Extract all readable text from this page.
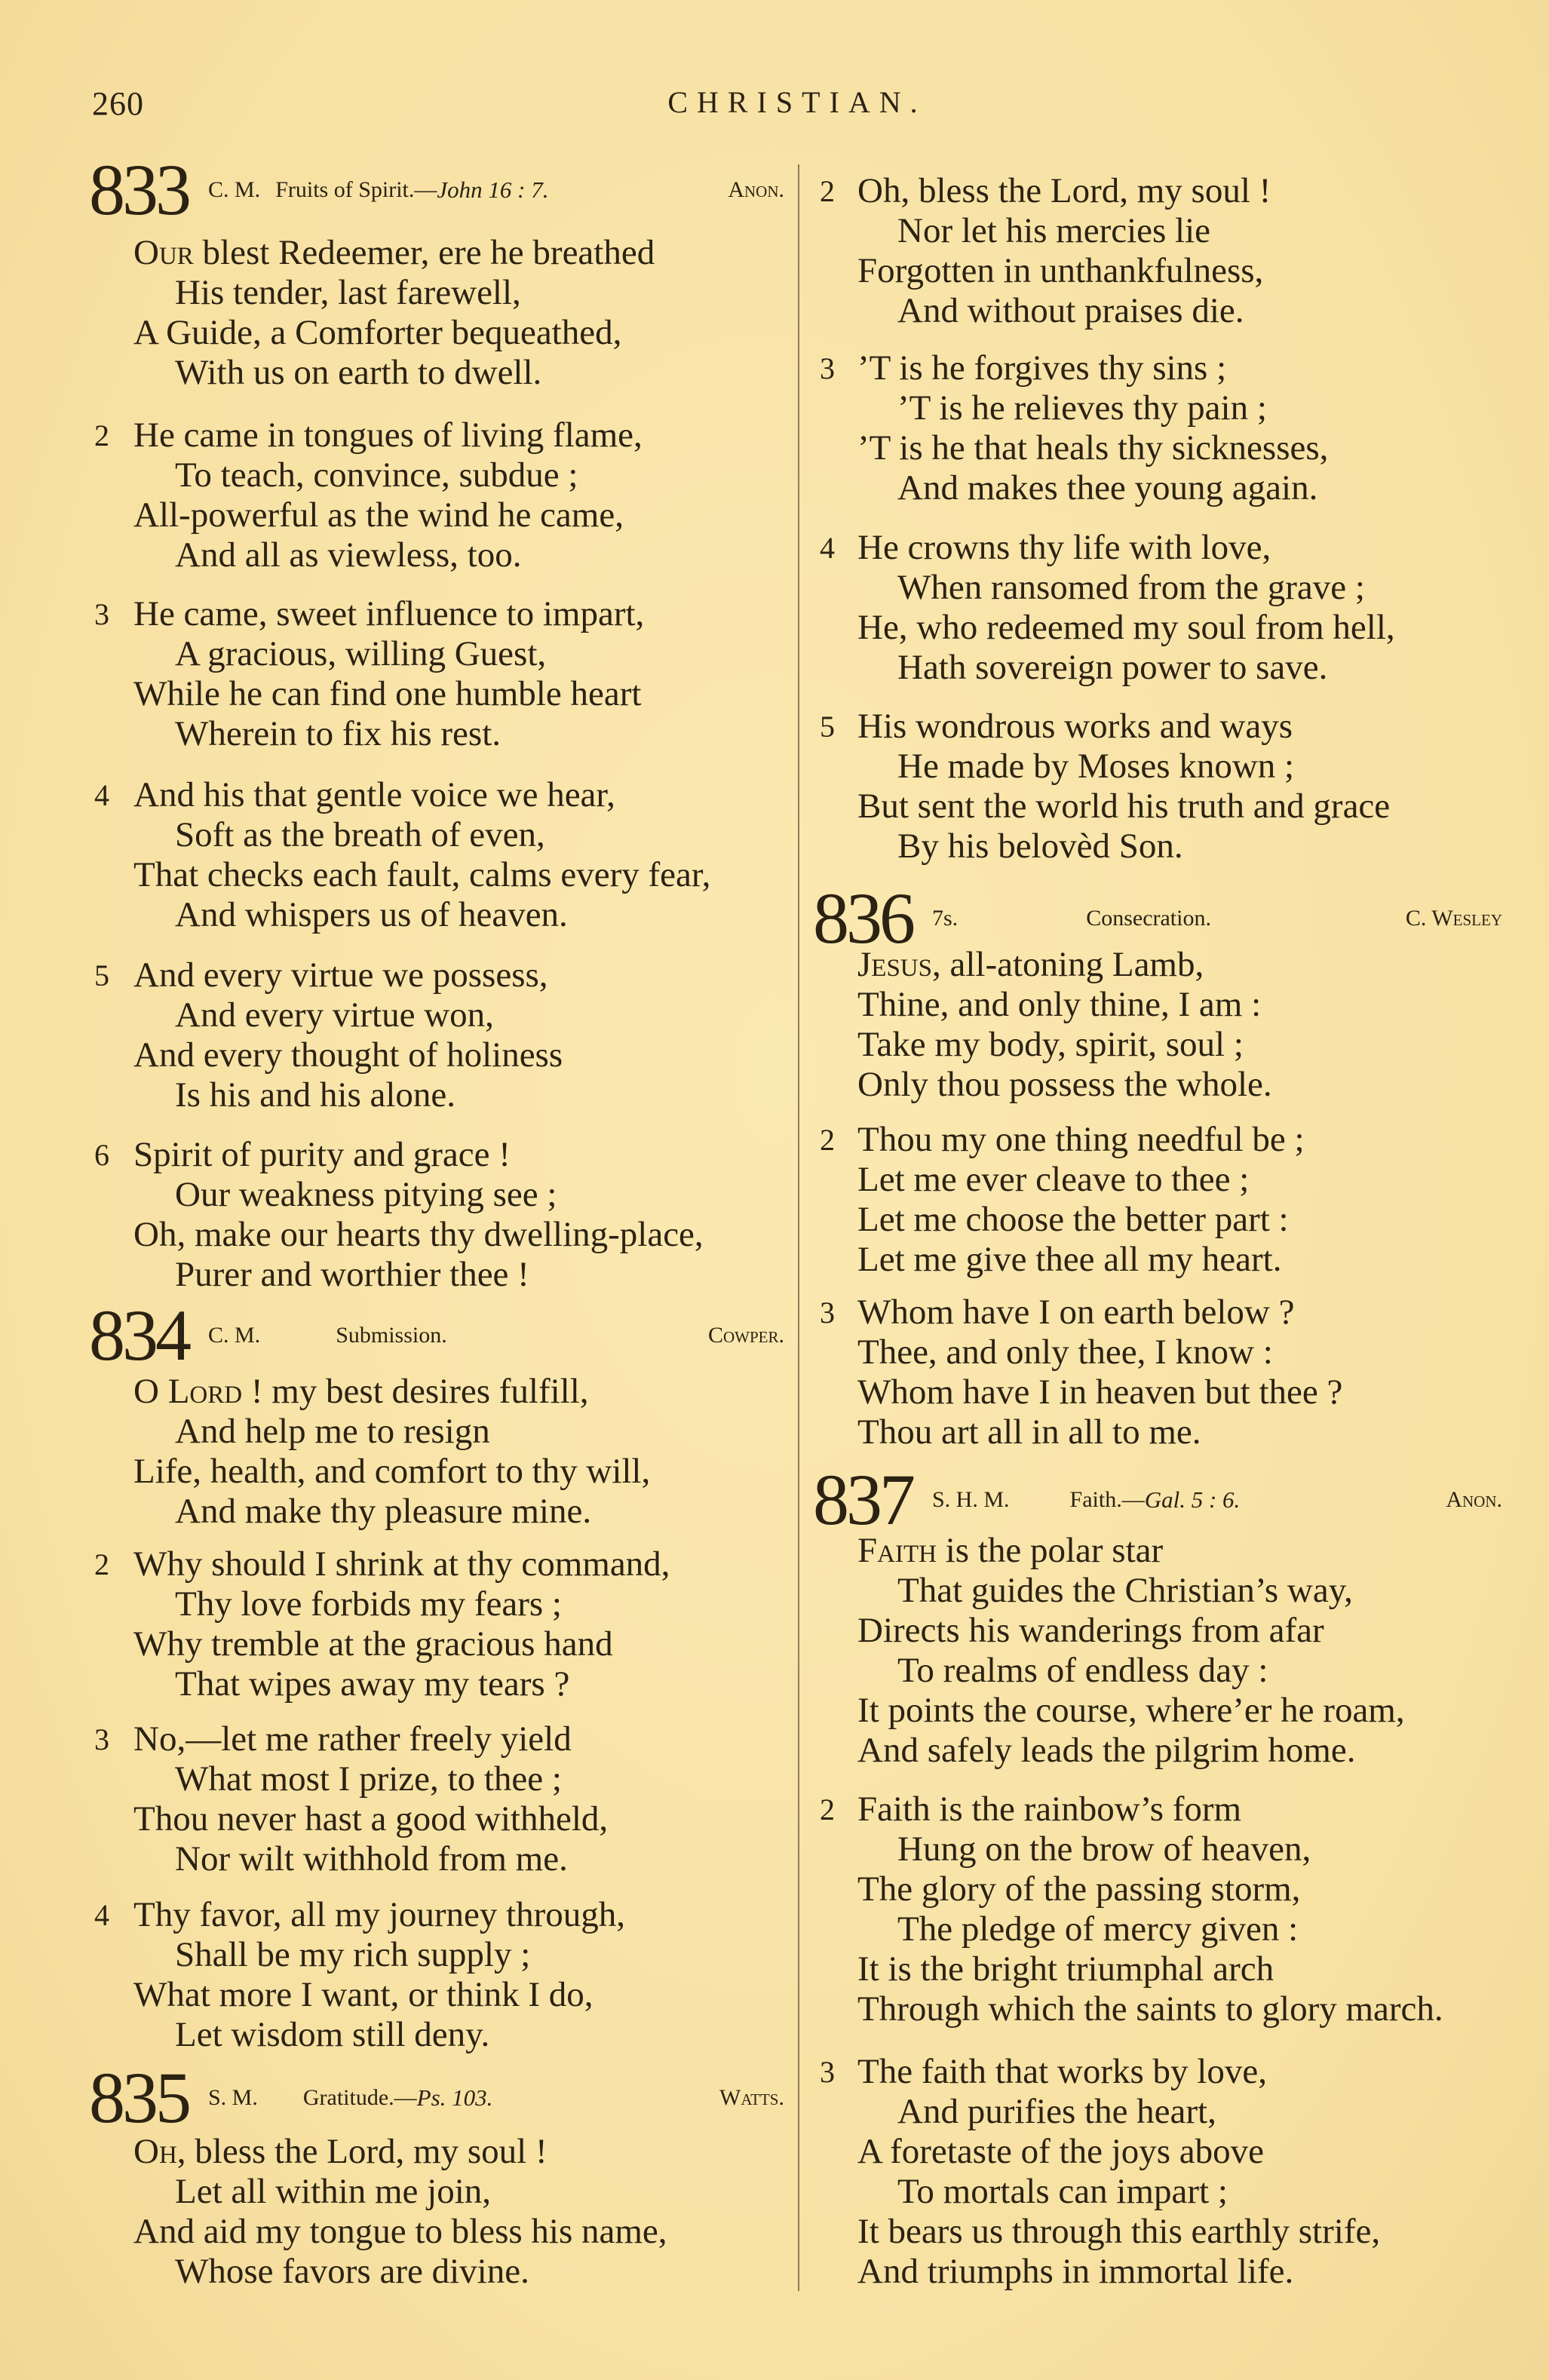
260	CHRISTIAN.
833 C. M. Fruits of Spirit.— John 16 : 7.	Anon.
834 C. M.	Submission.	Cowper.
835 S. M. Gratitude.— Ps. 103.	Watts.
836 7s.	Consecration.	C. Wesley
837 S. H. M.	Faith.— Gal. 5 : 6.	Anon.
Our blest Redeemer, ere he breathed
His tender, last farewell,
A Guide, a Comforter bequeathed,
With us on earth to dwell.
2 He came in tongues of living flame,
To teach, convince, subdue ;
All-powerful as the wind he came,
And all as viewless, too.
3 He came, sweet influence to impart,
A gracious, willing Guest,
While he can find one humble heart
Wherein to fix his rest.
4 And his that gentle voice we hear,
Soft as the breath of even,
That checks each fault, calms every fear,
And whispers us of heaven.
5 And every virtue we possess,
And every virtue won,
And every thought of holiness
Is his and his alone.
6 Spirit of purity and grace !
Our weakness pitying see ;
Oh, make our hearts thy dwelling-place,
Purer and worthier thee !
O Lord ! my best desires fulfill,
And help me to resign
Life, health, and comfort to thy will,
And make thy pleasure mine.
2 Why should I shrink at thy command,
Thy love forbids my fears ;
Why tremble at the gracious hand
That wipes away my tears ?
3 No,—let me rather freely yield
What most I prize, to thee ;
Thou never hast a good withheld,
Nor wilt withhold from me.
4 Thy favor, all my journey through,
Shall be my rich supply ;
What more I want, or think I do,
Let wisdom still deny.
Oh, bless the Lord, my soul !
Let all within me join,
And aid my tongue to bless his name,
Whose favors are divine.
2 Oh, bless the Lord, my soul !
Nor let his mercies lie
Forgotten in unthankfulness,
And without praises die.
3 ’T is he forgives thy sins ;
’T is he relieves thy pain ;
’T is he that heals thy sicknesses,
And makes thee young again.
4 He crowns thy life with love,
When ransomed from the grave ;
He, who redeemed my soul from hell,
Hath sovereign power to save.
5 His wondrous works and ways
He made by Moses known ;
But sent the world his truth and grace
By his belovèd Son.
Jesus, all-atoning Lamb,
Thine, and only thine, I am :
Take my body, spirit, soul ;
Only thou possess the whole.
2 Thou my one thing needful be ;
Let me ever cleave to thee ;
Let me choose the better part :
Let me give thee all my heart.
3 Whom have I on earth below ?
Thee, and only thee, I know :
Whom have I in heaven but thee ?
Thou art all in all to me.
Faith is the polar star
That guides the Christian’s way,
Directs his wanderings from afar
To realms of endless day :
It points the course, where’er he roam,
And safely leads the pilgrim home.
2 Faith is the rainbow’s form
Hung on the brow of heaven,
The glory of the passing storm,
The pledge of mercy given :
It is the bright triumphal arch
Through which the saints to glory march.
3 The faith that works by love,
And purifies the heart,
A foretaste of the joys above
To mortals can impart ;
It bears us through this earthly strife,
And triumphs in immortal life.
